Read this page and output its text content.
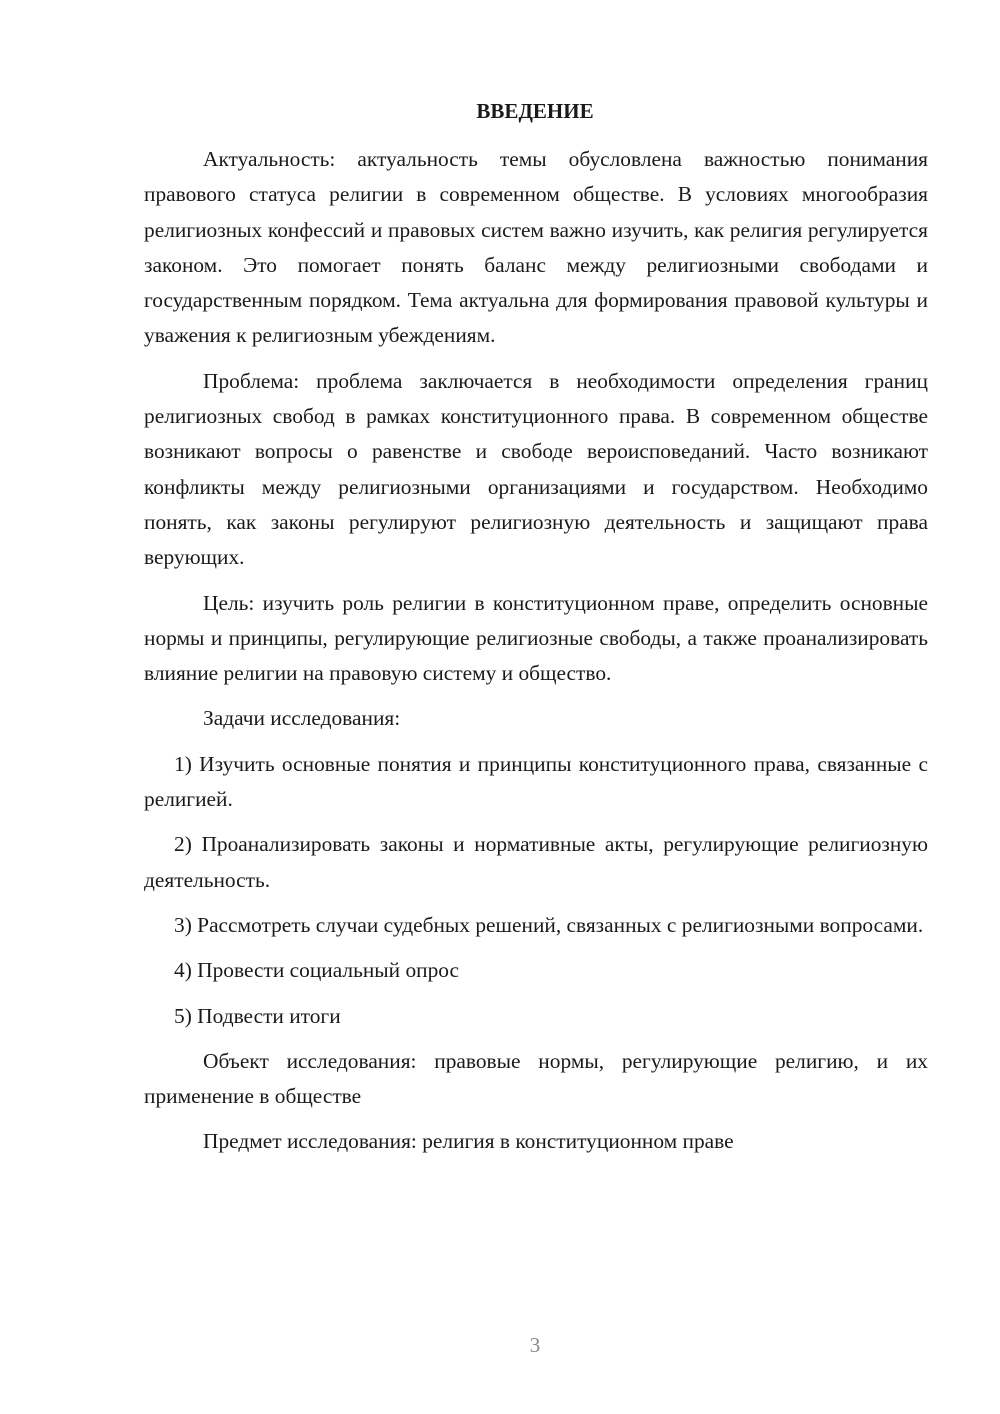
ВВЕДЕНИЕ

Актуальность: актуальность темы обусловлена важностью понимания правового статуса религии в современном обществе. В условиях многообразия религиозных конфессий и правовых систем важно изучить, как религия регулируется законом. Это помогает понять баланс между религиозными свободами и государственным порядком. Тема актуальна для формирования правовой культуры и уважения к религиозным убеждениям.

Проблема: проблема заключается в необходимости определения границ религиозных свобод в рамках конституционного права. В современном обществе возникают вопросы о равенстве и свободе вероисповеданий. Часто возникают конфликты между религиозными организациями и государством. Необходимо понять, как законы регулируют религиозную деятельность и защищают права верующих.

Цель: изучить роль религии в конституционном праве, определить основные нормы и принципы, регулирующие религиозные свободы, а также проанализировать влияние религии на правовую систему и общество.

Задачи исследования:

1) Изучить основные понятия и принципы конституционного права, связанные с религией.

2) Проанализировать законы и нормативные акты, регулирующие религиозную деятельность.

3) Рассмотреть случаи судебных решений, связанных с религиозными вопросами.

4) Провести социальный опрос

5) Подвести итоги

Объект исследования: правовые нормы, регулирующие религию, и их применение в обществе

Предмет исследования: религия в конституционном праве

3
